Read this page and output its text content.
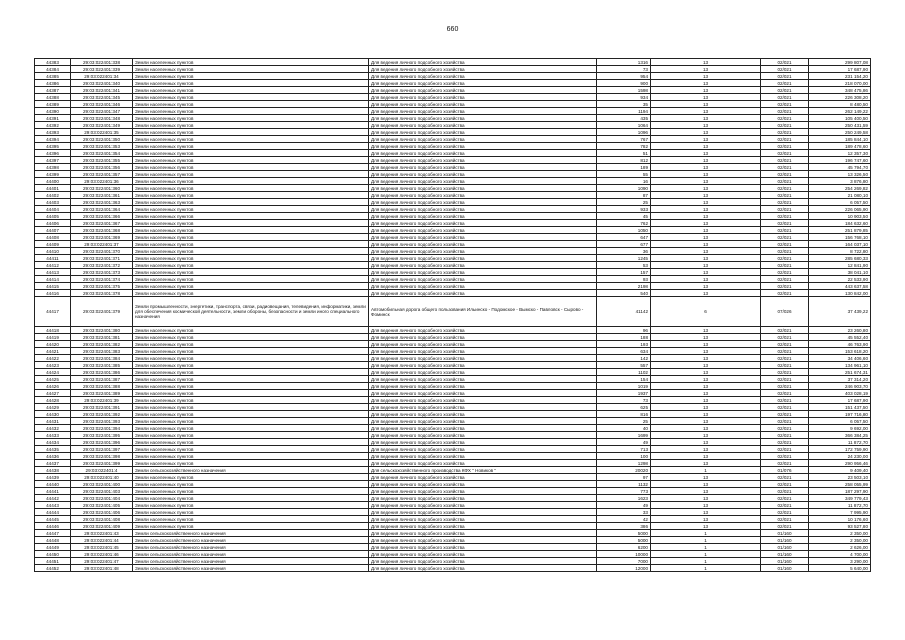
660
44383	29:03:022401:338	Земли населенных пунктов	Для ведения личного подсобного хозяйства	1316	13	02/021	299 807,08
44384	29:03:022401:339	Земли населенных пунктов	Для ведения личного подсобного хозяйства	73	13	02/021	17 687,90
44385	29:03:022401:34	Земли населенных пунктов	Для ведения личного подсобного хозяйства	954	13	02/021	231 154,20
44386	29:03:022401:340	Земли населенных пунктов	Для ведения личного подсобного хозяйства	900	13	02/021	218 070,00
44387	29:03:022401:341	Земли населенных пунктов	Для ведения личного подсобного хозяйства	1598	13	02/021	348 475,86
44388	29:03:022401:345	Земли населенных пунктов	Для ведения личного подсобного хозяйства	934	13	02/021	226 308,20
44389	29:03:022401:346	Земли населенных пунктов	Для ведения личного подсобного хозяйства	35	13	02/021	8 480,50
44390	29:03:022401:347	Земли населенных пунктов	Для ведения личного подсобного хозяйства	1194	13	02/021	262 149,22
44391	29:03:022401:348	Земли населенных пунктов	Для ведения личного подсобного хозяйства	435	13	02/021	105 400,50
44392	29:03:022401:349	Земли населенных пунктов	Для ведения личного подсобного хозяйства	1064	13	02/021	250 431,59
44393	29:03:022401:35	Земли населенных пунктов	Для ведения личного подсобного хозяйства	1096	13	02/021	250 249,58
44394	29:03:022401:350	Земли населенных пунктов	Для ведения личного подсобного хозяйства	767	13	02/021	185 844,10
44395	29:03:022401:353	Земли населенных пунктов	Для ведения личного подсобного хозяйства	782	13	02/021	189 478,60
44396	29:03:022401:354	Земли населенных пунктов	Для ведения личного подсобного хозяйства	51	13	02/021	12 357,30
44397	29:03:022401:355	Земли населенных пунктов	Для ведения личного подсобного хозяйства	812	13	02/021	196 747,60
44398	29:03:022401:356	Земли населенных пунктов	Для ведения личного подсобного хозяйства	189	13	02/021	45 794,70
44399	29:03:022401:357	Земли населенных пунктов	Для ведения личного подсобного хозяйства	55	13	02/021	13 326,50
44400	29:03:022401:36	Земли населенных пунктов	Для ведения личного подсобного хозяйства	16	13	02/021	3 876,80
44401	29:03:022401:360	Земли населенных пунктов	Для ведения личного подсобного хозяйства	1090	13	02/021	254 269,82
44402	29:03:022401:361	Земли населенных пунктов	Для ведения личного подсобного хозяйства	87	13	02/021	21 080,10
44403	29:03:022401:363	Земли населенных пунктов	Для ведения личного подсобного хозяйства	25	13	02/021	6 057,50
44404	29:03:022401:364	Земли населенных пунктов	Для ведения личного подсобного хозяйства	933	13	02/021	226 065,90
44405	29:03:022401:366	Земли населенных пунктов	Для ведения личного подсобного хозяйства	45	13	02/021	10 903,50
44406	29:03:022401:367	Земли населенных пунктов	Для ведения личного подсобного хозяйства	762	13	02/021	184 632,60
44407	29:03:022401:368	Земли населенных пунктов	Для ведения личного подсобного хозяйства	1050	13	02/021	251 879,85
44408	29:03:022401:369	Земли населенных пунктов	Для ведения личного подсобного хозяйства	647	13	02/021	156 768,10
44409	29:03:022401:37	Земли населенных пунктов	Для ведения личного подсобного хозяйства	677	13	02/021	164 037,10
44410	29:03:022401:370	Земли населенных пунктов	Для ведения личного подсобного хозяйства	36	13	02/021	8 722,80
44411	29:03:022401:371	Земли населенных пунктов	Для ведения личного подсобного хозяйства	1245	13	02/021	285 680,33
44412	29:03:022401:372	Земли населенных пунктов	Для ведения личного подсобного хозяйства	53	13	02/021	12 841,90
44413	29:03:022401:373	Земли населенных пунктов	Для ведения личного подсобного хозяйства	157	13	02/021	38 041,10
44414	29:03:022401:374	Земли населенных пунктов	Для ведения личного подсобного хозяйства	93	13	02/021	22 533,90
44415	29:03:022401:375	Земли населенных пунктов	Для ведения личного подсобного хозяйства	2198	13	02/021	443 637,58
44416	29:03:022401:378	Земли населенных пунктов	Для ведения личного подсобного хозяйства	540	13	02/021	130 842,00
44417	29:03:022401:379	Земли промышленности, энергетики, транспорта, связи, радиовещания, телевидения, информатики, земли для обеспечения космической деятельности, земли обороны, безопасности и земли иного специального назначения	Автомобильная дорога общего пользования Ильинско - Подомское - Вымско - Павловск - Сырово - Фоминск	41142	6	07/026	37 439,22
44418	29:03:022401:380	Земли населенных пунктов	Для ведения личного подсобного хозяйства	96	13	02/021	23 260,80
44419	29:03:022401:381	Земли населенных пунктов	Для ведения личного подсобного хозяйства	188	13	02/021	45 552,40
44420	29:03:022401:382	Земли населенных пунктов	Для ведения личного подсобного хозяйства	193	13	02/021	46 763,90
44421	29:03:022401:383	Земли населенных пунктов	Для ведения личного подсобного хозяйства	634	13	02/021	153 618,20
44422	29:03:022401:384	Земли населенных пунктов	Для ведения личного подсобного хозяйства	142	13	02/021	34 406,60
44423	29:03:022401:385	Земли населенных пунктов	Для ведения личного подсобного хозяйства	557	13	02/021	134 961,10
44424	29:03:022401:386	Земли населенных пунктов	Для ведения личного подсобного хозяйства	1102	13	02/021	251 674,31
44425	29:03:022401:387	Земли населенных пунктов	Для ведения личного подсобного хозяйства	154	13	02/021	37 314,20
44426	29:03:022401:388	Земли населенных пунктов	Для ведения личного подсобного хозяйства	1019	13	02/021	246 903,70
44427	29:03:022401:389	Земли населенных пунктов	Для ведения личного подсобного хозяйства	1937	13	02/021	403 028,19
44428	29:03:022401:39	Земли населенных пунктов	Для ведения личного подсобного хозяйства	73	13	02/021	17 687,90
44429	29:03:022401:391	Земли населенных пунктов	Для ведения личного подсобного хозяйства	625	13	02/021	151 437,50
44430	29:03:022401:392	Земли населенных пунктов	Для ведения личного подсобного хозяйства	816	13	02/021	197 716,80
44431	29:03:022401:393	Земли населенных пунктов	Для ведения личного подсобного хозяйства	25	13	02/021	6 057,50
44432	29:03:022401:394	Земли населенных пунктов	Для ведения личного подсобного хозяйства	40	13	02/021	9 692,00
44433	29:03:022401:395	Земли населенных пунктов	Для ведения личного подсобного хозяйства	1699	13	02/021	366 384,25
44434	29:03:022401:396	Земли населенных пунктов	Для ведения личного подсобного хозяйства	49	13	02/021	11 872,70
44435	29:03:022401:397	Земли населенных пунктов	Для ведения личного подсобного хозяйства	713	13	02/021	172 759,90
44436	29:03:022401:398	Земли населенных пунктов	Для ведения личного подсобного хозяйства	100	13	02/021	24 230,00
44437	29:03:022401:399	Земли населенных пунктов	Для ведения личного подсобного хозяйства	1298	13	02/021	290 956,46
44438	29:03:022401:4	Земли сельскохозяйственного назначения	Для сельскохозяйственного производства КФХ " Новиков "	20020	1	01/076	9 409,40
44439	29:03:022401:40	Земли населенных пунктов	Для ведения личного подсобного хозяйства	97	13	02/021	23 503,10
44440	29:03:022401:400	Земли населенных пунктов	Для ведения личного подсобного хозяйства	1132	13	02/021	258 055,99
44441	29:03:022401:403	Земли населенных пунктов	Для ведения личного подсобного хозяйства	773	13	02/021	187 297,90
44442	29:03:022401:404	Земли населенных пунктов	Для ведения личного подсобного хозяйства	1623	13	02/021	349 779,43
44443	29:03:022401:405	Земли населенных пунктов	Для ведения личного подсобного хозяйства	49	13	02/021	11 872,70
44444	29:03:022401:406	Земли населенных пунктов	Для ведения личного подсобного хозяйства	33	13	02/021	7 995,90
44445	29:03:022401:408	Земли населенных пунктов	Для ведения личного подсобного хозяйства	42	13	02/021	10 176,60
44446	29:03:022401:409	Земли населенных пунктов	Для ведения личного подсобного хозяйства	386	13	02/021	93 527,80
44447	29:03:022401:43	Земли сельскохозяйственного назначения	Для ведения личного подсобного хозяйства	5000	1	01/160	2 350,00
44448	29:03:022401:44	Земли сельскохозяйственного назначения	Для ведения личного подсобного хозяйства	5000	1	01/160	2 350,00
44449	29:03:022401:45	Земли сельскохозяйственного назначения	Для ведения личного подсобного хозяйства	6200	1	01/160	2 626,00
44450	29:03:022401:46	Земли сельскохозяйственного назначения	Для ведения личного подсобного хозяйства	10000	1	01/160	4 700,00
44451	29:03:022401:47	Земли сельскохозяйственного назначения	Для ведения личного подсобного хозяйства	7000	1	01/160	3 290,00
44452	29:03:022401:48	Земли сельскохозяйственного назначения	Для ведения личного подсобного хозяйства	12000	1	01/160	5 640,00
